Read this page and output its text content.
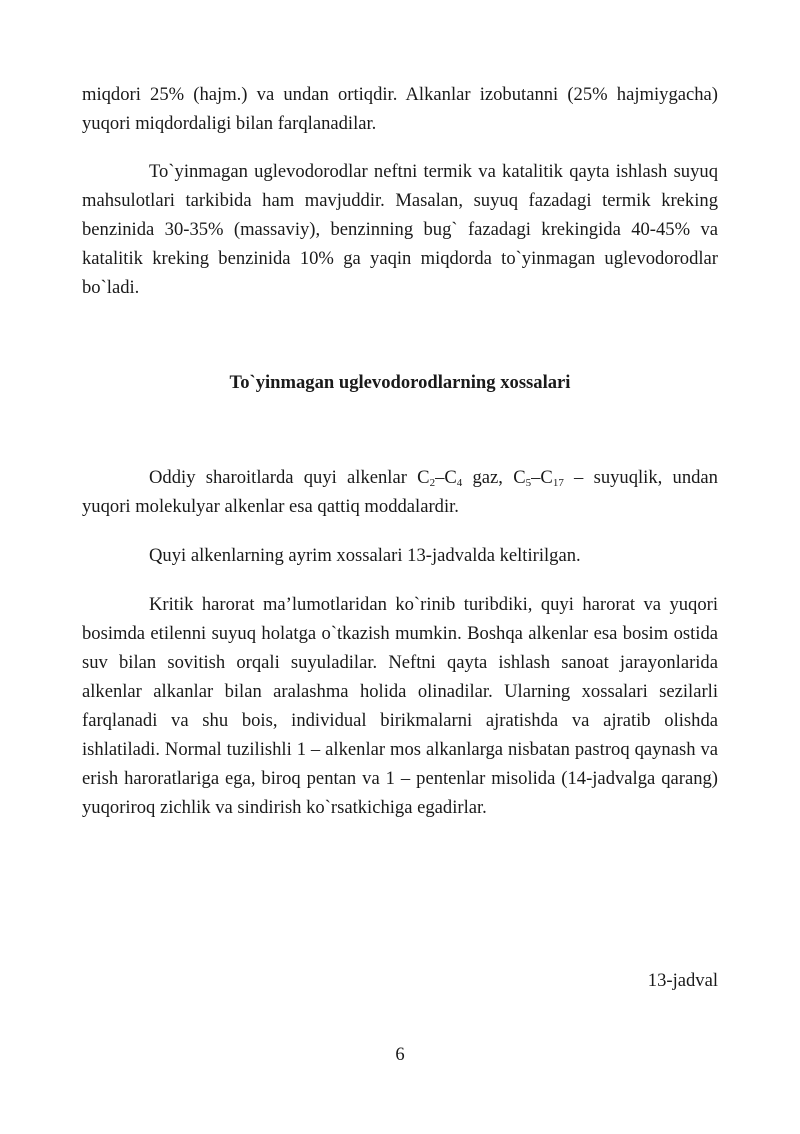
miqdori 25% (hajm.) va undan ortiqdir. Alkanlar izobutanni (25% hajmiygacha) yuqori miqdordaligi bilan farqlanadilar.

To`yinmagan uglevodorodlar neftni termik va katalitik qayta ishlash suyuq mahsulotlari tarkibida ham mavjuddir. Masalan, suyuq fazadagi termik kreking benzinida 30-35% (massaviy), benzinning bug` fazadagi krekingida 40-45% va katalitik kreking benzinida 10% ga yaqin miqdorda to`yinmagan uglevodorodlar bo`ladi.

To`yinmagan uglevodorodlarning xossalari

Oddiy sharoitlarda quyi alkenlar $C_2-C_4$ gaz, $C_5-C_{17}$ – suyuqlik, undan yuqori molekulyar alkenlar esa qattiq moddalardir.

Quyi alkenlarning ayrim xossalari 13-jadvalda keltirilgan.

Kritik harorat ma’lumotlaridan ko`rinib turibdiki, quyi harorat va yuqori bosimda etilenni suyuq holatga o`tkazish mumkin. Boshqa alkenlar esa bosim ostida suv bilan sovitish orqali suyuladilar. Neftni qayta ishlash sanoat jarayonlarida alkenlar alkanlar bilan aralashma holida olinadilar. Ularning xossalari sezilarli farqlanadi va shu bois, individual birikmalarni ajratishda va ajratib olishda ishlatiladi. Normal tuzilishli 1 – alkenlar mos alkanlarga nisbatan pastroq qaynash va erish haroratlariga ega, biroq pentan va 1 – pentenlar misolida (14-jadvalga qarang) yuqoriroq zichlik va sindirish ko`rsatkichiga egadirlar.

13-jadval

6
